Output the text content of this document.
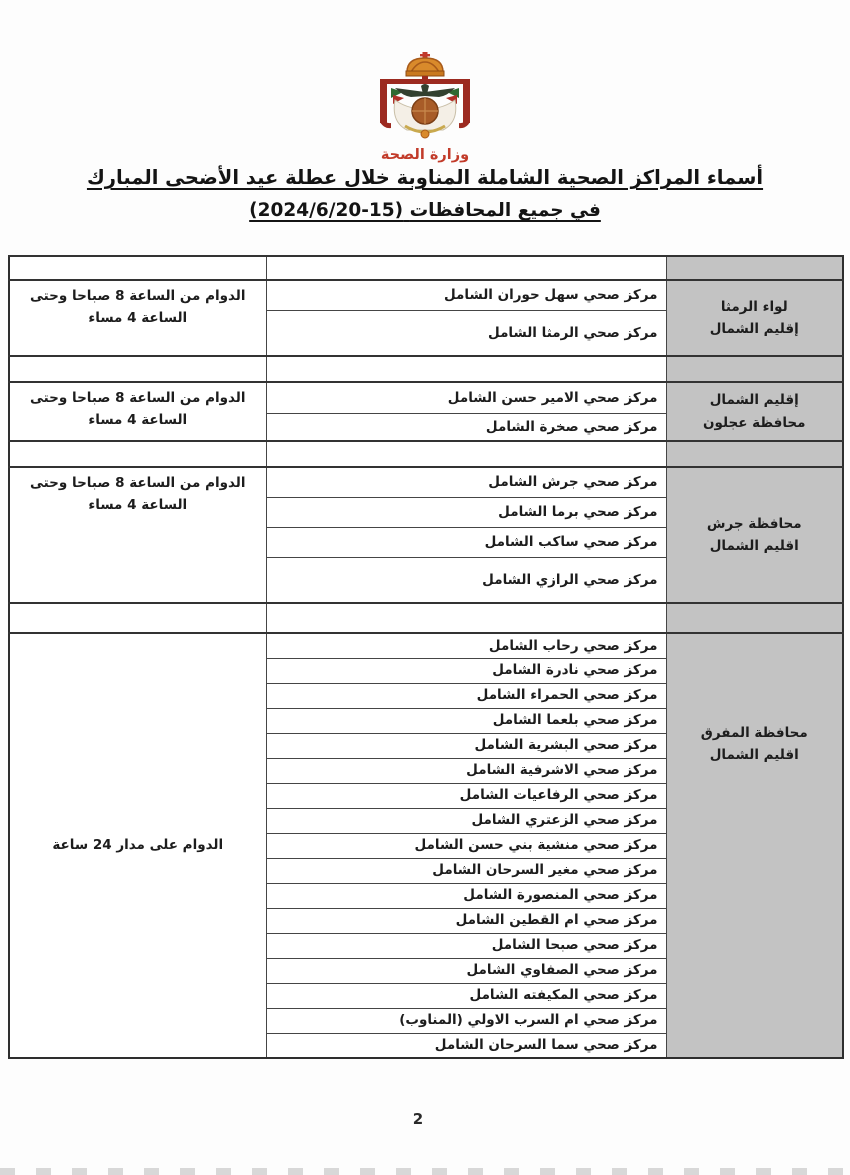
وزارة الصحة
أسماء المراكز الصحية الشاملة المناوبة خلال عطلة عيد الأضحى المبارك
في جميع المحافظات (2024/6/20-15)

لواء الرمثا
إقليم الشمال	مركز صحي سهل حوران الشامل	الدوام من الساعة 8 صباحا وحتى
الساعة 4 مساء

	مركز صحي الرمثا الشامل	

إقليم الشمال
محافظة عجلون	مركز صحي الامير حسن الشامل	الدوام من الساعة 8 صباحا وحتى
الساعة 4 مساء

	مركز صحي صخرة الشامل	

محافظة جرش
اقليم الشمال	مركز صحي جرش الشامل	الدوام من الساعة 8 صباحا وحتى
الساعة 4 مساء

	مركز صحي برما الشامل	
	مركز صحي ساكب الشامل	
	مركز صحي الرازي الشامل	

محافظة المفرق
اقليم الشمال	مركز صحي رحاب الشامل	الدوام على مدار 24 ساعة

	مركز صحي نادرة الشامل	
	مركز صحي الحمراء الشامل	
	مركز صحي بلعما الشامل	
	مركز صحي البشرية الشامل	
	مركز صحي الاشرفية الشامل	
	مركز صحي الرفاعيات الشامل	
	مركز صحي الزعتري الشامل	
	مركز صحي منشية بني حسن الشامل	
	مركز صحي مغير السرحان الشامل	
	مركز صحي المنصورة الشامل	
	مركز صحي ام القطين الشامل	
	مركز صحي صبحا الشامل	
	مركز صحي الصفاوي الشامل	
	مركز صحي المكيفته الشامل	
	مركز صحي ام السرب الاولي (المناوب)	
	مركز صحي سما السرحان الشامل	
2
